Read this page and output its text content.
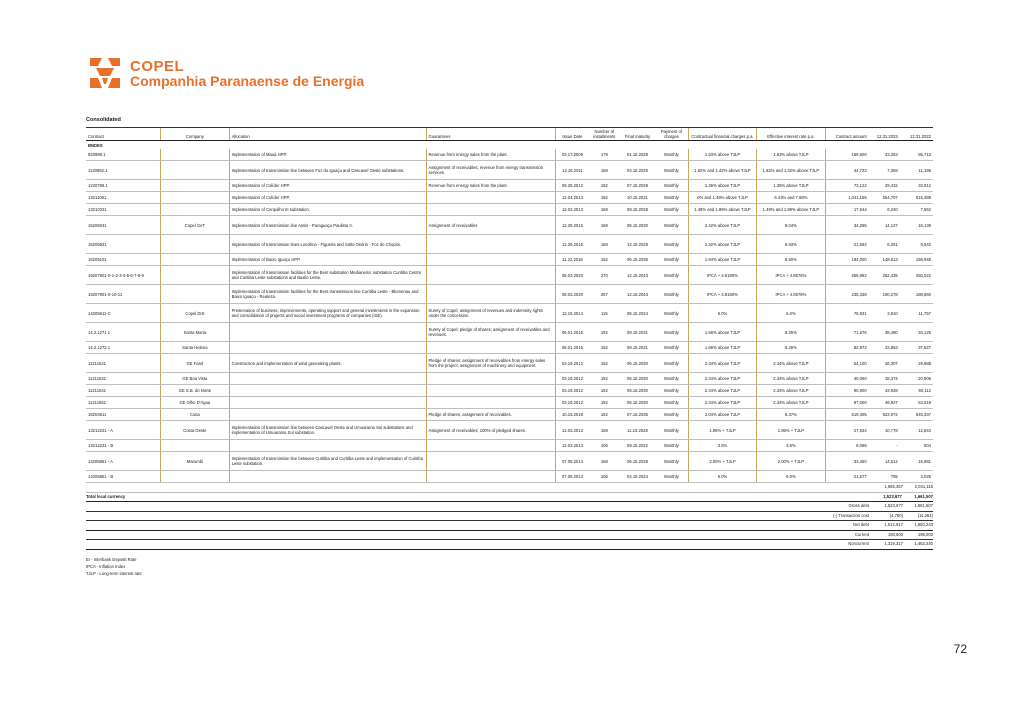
COPEL
Companhia Paranaense de Energia
Consolidated
Contract	Company	Allocation	Guarantees	Issue Date	Number of installments	Final maturity	Payment of charges	Contractual financial charges p.a.	Effective interest rate p.a.	Contract amount	12.31.2023	12.31.2022
BNDES												
820989.1		Implementation of Mauá HPP.	Revenue from energy sales from the plant.	03.17.2009	179	01.15.2028	Monthly	1.63% above TJLP	1.63% above TJLP	169,500	43,263	55,713
1120952.1		Implementation of transmission line between Foz do Iguaçu and Cascavel Oeste substations.	Assignment of receivables; revenue from energy transmission services.	12.16.2011	168	04.15.2026	Monthly	1.82% and 1.42% above TJLP	1.82% and 1.42% above TJLP	44,723	7,369	11,186
1220768.1		Implementation of Colíder HPP.	Revenue from energy sales from the plant.	09.28.2012	192	07.15.2029	Monthly	1.36% above TJLP	1.36% above TJLP	73,122	29,432	33,812
13211061		Implementation of Colíder HPP.		12.04.2013	192	10.15.2031	Monthly	0% and 1.49% above TJLP	6.43% and 7.68%	1,041,155	554,707	615,388
13210331		Implementation of Cerquilho III substation.		12.03.2013	168	08.15.2028	Monthly	1.49% and 1.89% above TJLP	1.49% and 1.89% above TJLP	17,644	6,240	7,562
15206041	Copel GeT	Implementation of transmission line Assis - Paraguaçu Paulista II.	Assignment of receivables	12.28.2015	168	06.15.2030	Monthly	2.42% above TJLP	9.04%	34,265	14,127	16,139
15205921		Implementation of transmission lines Londrina - Figueira and Salto Osório - Foz do Chopim.		12.28.2015	168	12.15.2029	Monthly	2.32% above TJLP	8.93%	21,584	8,261	9,542
18205101		Implementation of Baixo Iguaçu HPP.		11.22.2018	192	06.15.2035	Monthly	1.94% above TJLP	8.50%	194,000	148,613	158,948
19207901-0-1-2-3-4-5-6-7-8-9		Implementation of transmission facilities for the Bent substation Medianeira; substation Curitiba Centro and Curitiba Leste substations and Baxilo Leste.		08.03.2020	270	12.15.2043	Monthly	IPCA + 4.8180%	IPCA + 4.8578%	256,982	262,435	250,022
19207901-0-10-11		Implementation of transmission facilities for the Bent transmission line Curitiba Leste - Blumenau and Baixo Iguaçu - Realeza.		08.03.2020	267	12.15.2043	Monthly	IPCA + 4.8180%	IPCA + 4.8578%	235,338	190,278	188,860
14205611-C	Copel DIS	Preservation of business, improvements, operating support and general investments in the expansion and consolidation of projects and social investment programs of companies (ISE).	Surety of Copel; assignment of revenues and indemnity rights under the concession.	12.15.2014	115	06.15.2024	Monthly	6.0%	6.0%	75,931	3,910	11,757
14.2.1271.1	Santa Maria		Surety of Copel; pledge of shares; assignment of receivables and revenues.	06.01.2015	192	08.15.2031	Monthly	1.66% above TJLP	8.26%	71,676	38,490	34,125
14.2.1272.1	Santa Helena			06.01.2015	192	08.15.2031	Monthly	1.66% above TJLP	8.26%	82,973	33,863	37,627
11211521	GE Farol	Construction and implementation of wind generating plants.	Pledge of shares; assignment of receivables from energy sales from the project; assignment of machinery and equipment.	03.19.2012	192	06.15.2030	Monthly	2.34% above TJLP	2.34% above TJLP	54,100	26,307	29,888
11211531	GE Boa Vista			03.19.2012	192	06.15.2030	Monthly	2.34% above TJLP	2.34% above TJLP	40,050	18,374	20,906
11211541	GE S.B. do Norte			03.19.2012	192	06.15.2030	Monthly	2.34% above TJLP	2.34% above TJLP	90,900	43,948	50,112
11211551	GE Olho D'Água			03.19.2012	192	06.15.2030	Monthly	2.34% above TJLP	2.34% above TJLP	97,000	46,927	53,519
18204611	Cutia		Pledge of shares; assignment of receivables.	10.15.2018	192	07.15.2035	Monthly	2.04% above TJLP	8.37%	619,405	523,972	545,337
13212221 - A	Costa Oeste	Implementation of transmission line between Cascavel Oeste and Umuarama Sul substations and implementation of Umuarama Sul substation.	Assignment of receivables; 100% of pledged shares.	12.03.2013	168	11.15.2028	Monthly	1.95% + TJLP	1.95% + TJLP	27,634	10,778	12,843
13212221 - B				12.03.2013	106	09.15.2022	Monthly	3.5%	3.5%	9,086	-	504
14205851 - A	Marumbi	Implementation of transmission line between Curitiba and Curitiba Leste and implementation of Curitiba Leste substation.		07.08.2014	168	06.15.2029	Monthly	2.00% + TJLP	2.00% + TJLP	33,460	14,512	16,981
14205851 - B				07.08.2014	106	04.15.2024	Monthly	6.0%	6.0%	21,577	755	3,026
1,655,367	2,041,116
Total local currency	1,523,677	1,661,507
Gross debt	1,523,677	1,661,507
(-) Transaction cost	(4,760)	(11,264)
Net debt	1,512,917	1,650,243
Current	193,600	198,003
Noncurrent	1,319,317	1,452,240
EI - Interbank Deposit Rate
IPCA - Inflation Index
TJLP - Long-term interest rate
72
